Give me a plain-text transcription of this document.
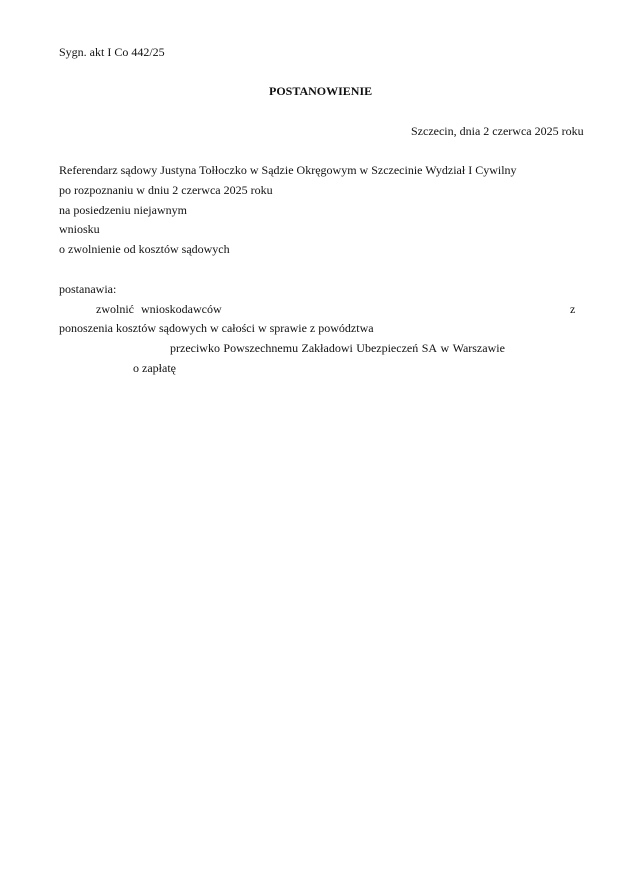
Sygn. akt I Co 442/25
POSTANOWIENIE
Szczecin, dnia 2 czerwca 2025 roku
Referendarz sądowy Justyna Tołłoczko w Sądzie Okręgowym w Szczecinie Wydział I Cywilny
po rozpoznaniu w dniu 2 czerwca 2025 roku
na posiedzeniu niejawnym
wniosku
o zwolnienie od kosztów sądowych
postanawia:
zwolnić wnioskodawców	z
ponoszenia kosztów sądowych w całości w sprawie z powództwa
przeciwko Powszechnemu Zakładowi Ubezpieczeń SA w Warszawie
o zapłatę
